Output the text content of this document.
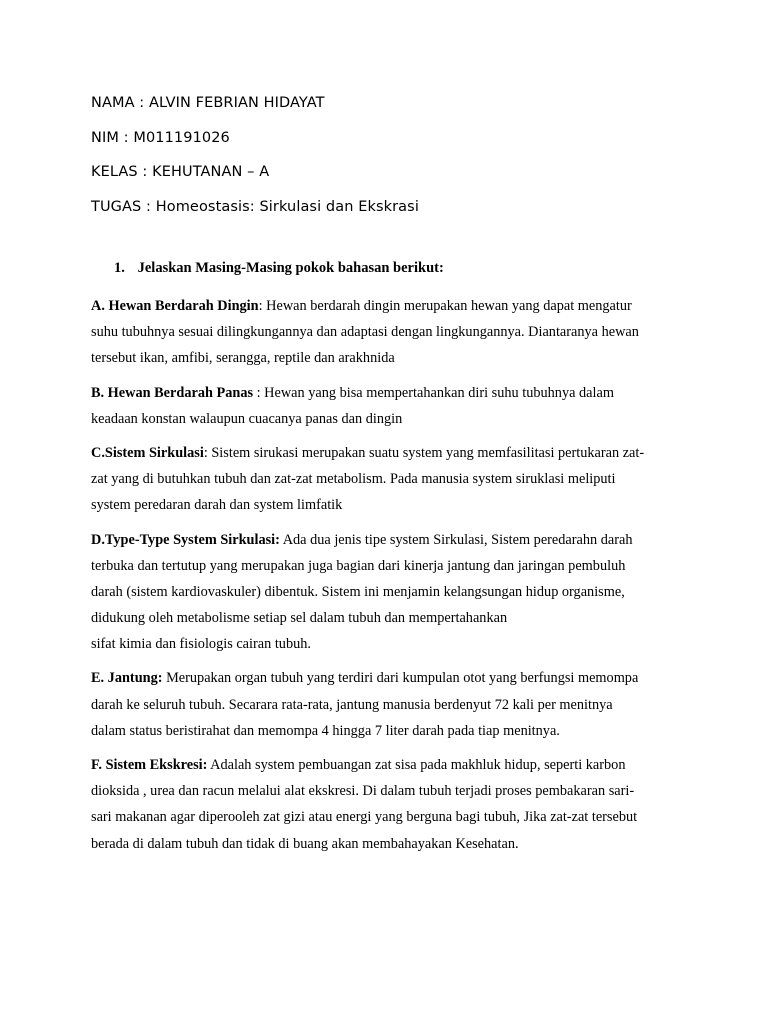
NAMA : ALVIN FEBRIAN HIDAYAT
NIM : M011191026
KELAS : KEHUTANAN – A
TUGAS : Homeostasis: Sirkulasi dan Ekskrasi
1. Jelaskan Masing-Masing pokok bahasan berikut:
A. Hewan Berdarah Dingin: Hewan berdarah dingin merupakan hewan yang dapat mengatur
suhu tubuhnya sesuai dilingkungannya dan adaptasi dengan lingkungannya. Diantaranya hewan
tersebut ikan, amfibi, serangga, reptile dan arakhnida
B. Hewan Berdarah Panas : Hewan yang bisa mempertahankan diri suhu tubuhnya dalam
keadaan konstan walaupun cuacanya panas dan dingin
C.Sistem Sirkulasi: Sistem sirukasi merupakan suatu system yang memfasilitasi pertukaran zat-
zat yang di butuhkan tubuh dan zat-zat metabolism. Pada manusia system siruklasi meliputi
system peredaran darah dan system limfatik
D.Type-Type System Sirkulasi: Ada dua jenis tipe system Sirkulasi, Sistem peredarahn darah
terbuka dan tertutup yang merupakan juga bagian dari kinerja jantung dan jaringan pembuluh
darah (sistem kardiovaskuler) dibentuk. Sistem ini menjamin kelangsungan hidup organisme,
didukung oleh metabolisme setiap sel dalam tubuh dan mempertahankan
sifat kimia dan fisiologis cairan tubuh.
E. Jantung: Merupakan organ tubuh yang terdiri dari kumpulan otot yang berfungsi memompa
darah ke seluruh tubuh. Secarara rata-rata, jantung manusia berdenyut 72 kali per menitnya
dalam status beristirahat dan memompa 4 hingga 7 liter darah pada tiap menitnya.
F. Sistem Ekskresi: Adalah system pembuangan zat sisa pada makhluk hidup, seperti karbon
dioksida , urea dan racun melalui alat ekskresi. Di dalam tubuh terjadi proses pembakaran sari-
sari makanan agar diperooleh zat gizi atau energi yang berguna bagi tubuh, Jika zat-zat tersebut
berada di dalam tubuh dan tidak di buang akan membahayakan Kesehatan.
